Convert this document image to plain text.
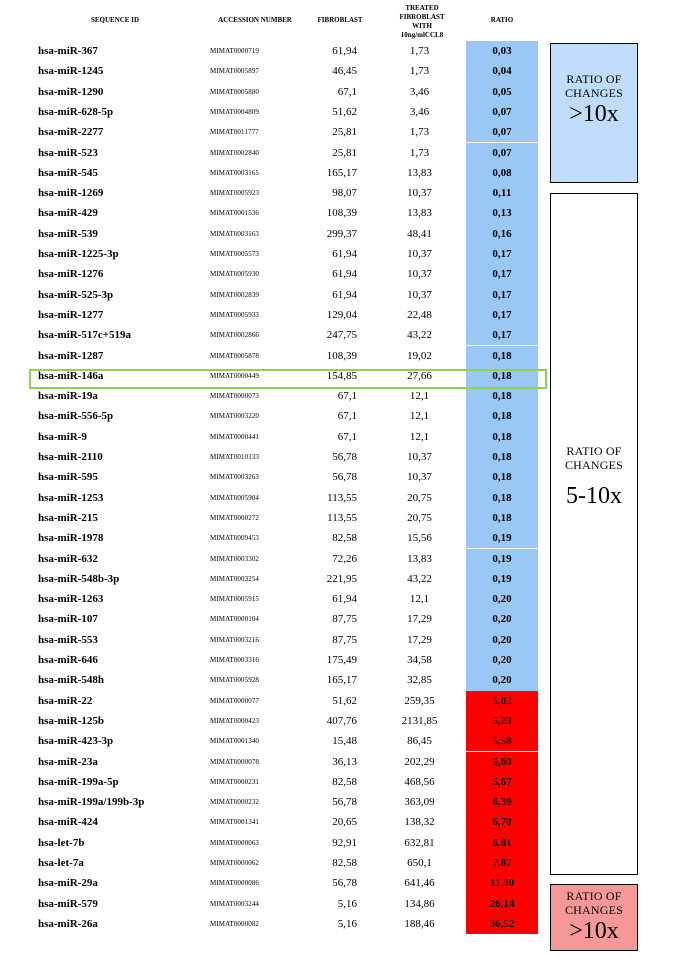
SEQUENCE ID	ACCESSION NUMBER	FIBROBLAST
TREATED
FIBROBLAST
WITH
10ng/mlCCL8
RATIO
hsa-miR-367	MIMAT0000719	61,94	1,73	0,03
hsa-miR-1245	MIMAT0005897	46,45	1,73	0,04
hsa-miR-1290	MIMAT0005880	67,1	3,46	0,05
hsa-miR-628-5p	MIMAT0004809	51,62	3,46	0,07
hsa-miR-2277	MIMAT0011777	25,81	1,73	0,07
hsa-miR-523	MIMAT0002840	25,81	1,73	0,07
hsa-miR-545	MIMAT0003165	165,17	13,83	0,08
hsa-miR-1269	MIMAT0005923	98,07	10,37	0,11
hsa-miR-429	MIMAT0001536	108,39	13,83	0,13
hsa-miR-539	MIMAT0003163	299,37	48,41	0,16
hsa-miR-1225-3p	MIMAT0005573	61,94	10,37	0,17
hsa-miR-1276	MIMAT0005930	61,94	10,37	0,17
hsa-miR-525-3p	MIMAT0002839	61,94	10,37	0,17
hsa-miR-1277	MIMAT0005933	129,04	22,48	0,17
hsa-miR-517c+519a	MIMAT0002866	247,75	43,22	0,17
hsa-miR-1287	MIMAT0005878	108,39	19,02	0,18
hsa-miR-146a	MIMAT0000449	154,85	27,66	0,18
hsa-miR-19a	MIMAT0000073	67,1	12,1	0,18
hsa-miR-556-5p	MIMAT0003220	67,1	12,1	0,18
hsa-miR-9	MIMAT0000441	67,1	12,1	0,18
hsa-miR-2110	MIMAT0010133	56,78	10,37	0,18
hsa-miR-595	MIMAT0003263	56,78	10,37	0,18
hsa-miR-1253	MIMAT0005904	113,55	20,75	0,18
hsa-miR-215	MIMAT0000272	113,55	20,75	0,18
hsa-miR-1978	MIMAT0009453	82,58	15,56	0,19
hsa-miR-632	MIMAT0003302	72,26	13,83	0,19
hsa-miR-548b-3p	MIMAT0003254	221,95	43,22	0,19
hsa-miR-1263	MIMAT0005915	61,94	12,1	0,20
hsa-miR-107	MIMAT0000104	87,75	17,29	0,20
hsa-miR-553	MIMAT0003216	87,75	17,29	0,20
hsa-miR-646	MIMAT0003316	175,49	34,58	0,20
hsa-miR-548h	MIMAT0005928	165,17	32,85	0,20
hsa-miR-22	MIMAT0000077	51,62	259,35	5,02
hsa-miR-125b	MIMAT0000423	407,76	2131,85	5,23
hsa-miR-423-3p	MIMAT0001340	15,48	86,45	5,58
hsa-miR-23a	MIMAT0000078	36,13	202,29	5,60
hsa-miR-199a-5p	MIMAT0000231	82,58	468,56	5,67
hsa-miR-199a/199b-3p	MIMAT0000232	56,78	363,09	6,39
hsa-miR-424	MIMAT0001341	20,65	138,32	6,70
hsa-let-7b	MIMAT0000063	92,91	632,81	6,81
hsa-let-7a	MIMAT0000062	82,58	650,1	7,87
hsa-miR-29a	MIMAT0000086	56,78	641,46	11,30
hsa-miR-579	MIMAT0003244	5,16	134,86	26,14
hsa-miR-26a	MIMAT0000082	5,16	188,46	36,52
RATIO OF
CHANGES
>10x
RATIO OF
CHANGES
5-10x
RATIO OF
CHANGES
>10x
